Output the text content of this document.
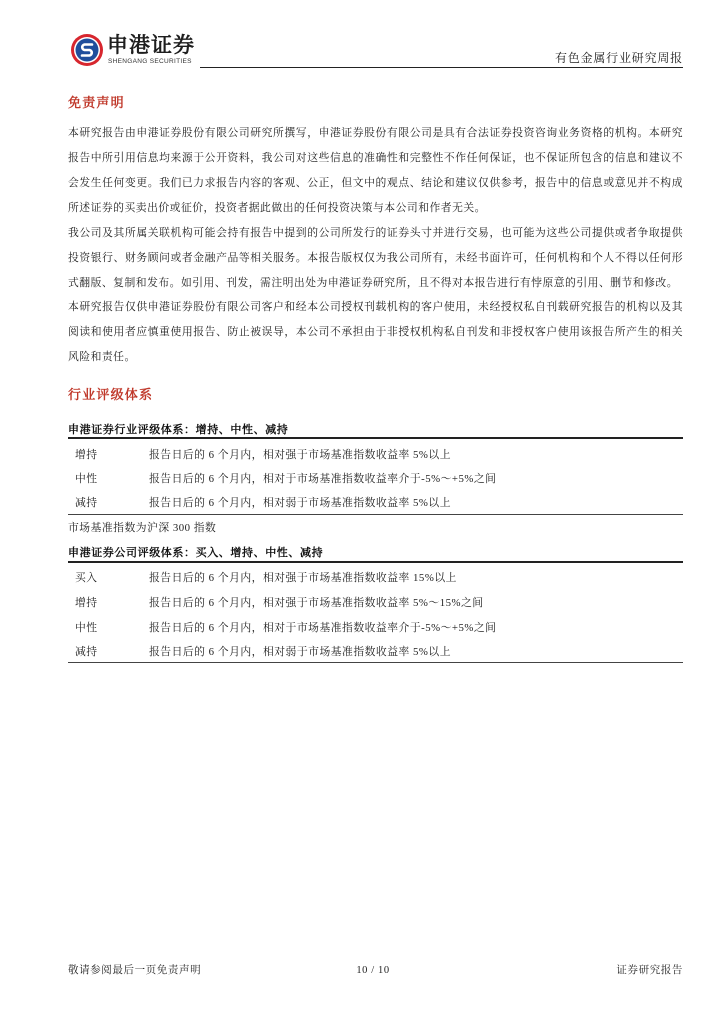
申港证券
SHENGANG SECURITIES	有色金属行业研究周报
免责声明
本研究报告由申港证券股份有限公司研究所撰写，申港证券股份有限公司是具有合法证券投资咨询业务资格的机构。本研究报告中所引用信息均来源于公开资料，我公司对这些信息的准确性和完整性不作任何保证，也不保证所包含的信息和建议不会发生任何变更。我们已力求报告内容的客观、公正，但文中的观点、结论和建议仅供参考，报告中的信息或意见并不构成所述证券的买卖出价或征价，投资者据此做出的任何投资决策与本公司和作者无关。
我公司及其所属关联机构可能会持有报告中提到的公司所发行的证券头寸并进行交易，也可能为这些公司提供或者争取提供投资银行、财务顾问或者金融产品等相关服务。本报告版权仅为我公司所有，未经书面许可，任何机构和个人不得以任何形式翻版、复制和发布。如引用、刊发，需注明出处为申港证券研究所，且不得对本报告进行有悖原意的引用、删节和修改。
本研究报告仅供申港证券股份有限公司客户和经本公司授权刊载机构的客户使用，未经授权私自刊载研究报告的机构以及其阅读和使用者应慎重使用报告、防止被误导，本公司不承担由于非授权机构私自刊发和非授权客户使用该报告所产生的相关风险和责任。
行业评级体系
申港证券行业评级体系：增持、中性、减持
增持	报告日后的 6 个月内，相对强于市场基准指数收益率 5%以上
中性	报告日后的 6 个月内，相对于市场基准指数收益率介于-5%～+5%之间
减持	报告日后的 6 个月内，相对弱于市场基准指数收益率 5%以上
市场基准指数为沪深 300 指数
申港证券公司评级体系：买入、增持、中性、减持
买入	报告日后的 6 个月内，相对强于市场基准指数收益率 15%以上
增持	报告日后的 6 个月内，相对强于市场基准指数收益率 5%～15%之间
中性	报告日后的 6 个月内，相对于市场基准指数收益率介于-5%～+5%之间
减持	报告日后的 6 个月内，相对弱于市场基准指数收益率 5%以上
敬请参阅最后一页免责声明	10 / 10	证券研究报告
